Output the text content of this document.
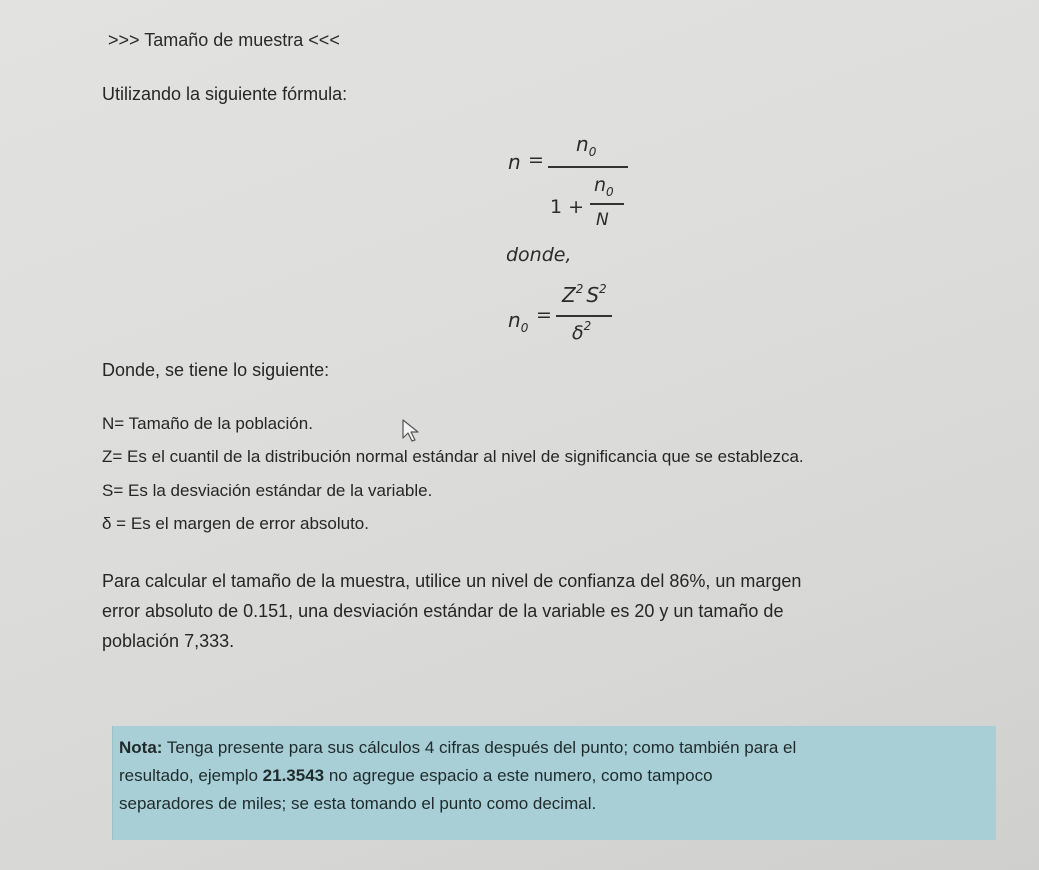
>>> Tamaño de muestra <<<
Utilizando la siguiente fórmula:
n =
$n_0$
1 +
$n_0$
N
donde,
$n_0$
=
$Z^2$ $S^2$
$\delta^2$
Donde, se tiene lo siguiente:
N= Tamaño de la población.
Z= Es el cuantil de la distribución normal estándar al nivel de significancia que se establezca.
S= Es la desviación estándar de la variable.
δ = Es el margen de error absoluto.
Para calcular el tamaño de la muestra, utilice un nivel de confianza del 86%, un margen
error absoluto de 0.151, una desviación estándar de la variable es 20 y un tamaño de
población 7,333.
Nota: Tenga presente para sus cálculos 4 cifras después del punto; como también para el
resultado, ejemplo 21.3543 no agregue espacio a este numero, como tampoco
separadores de miles; se esta tomando el punto como decimal.
